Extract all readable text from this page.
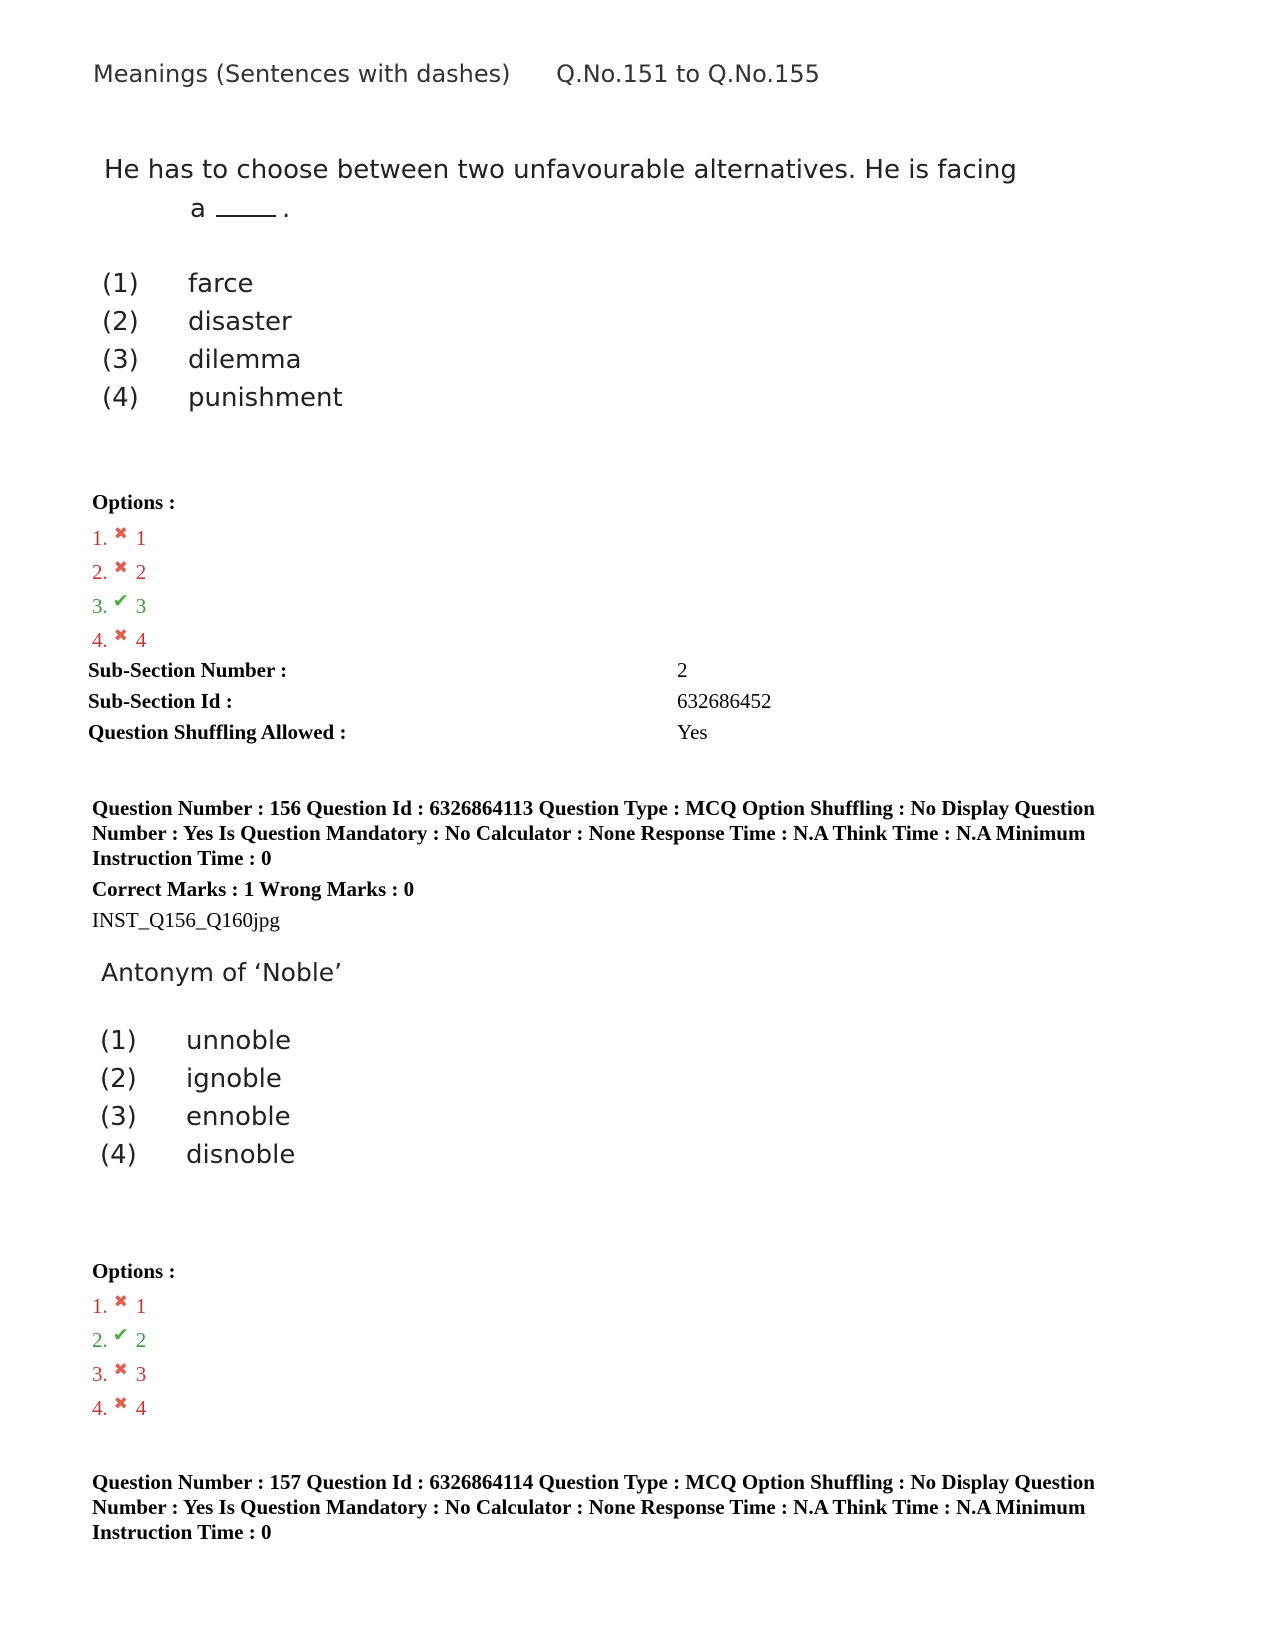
Meanings (Sentences with dashes) Q.No.151 to Q.No.155
He has to choose between two unfavourable alternatives. He is facing
a	.
(1) farce
(2) disaster
(3) dilemma
(4) punishment
Options :
1. ✖ 1
2. ✖ 2
3. ✔ 3
4. ✖ 4
Sub-Section Number :	2
Sub-Section Id :	632686452
Question Shuffling Allowed :	Yes
Question Number : 156 Question Id : 6326864113 Question Type : MCQ Option Shuffling : No Display Question
Number : Yes Is Question Mandatory : No Calculator : None Response Time : N.A Think Time : N.A Minimum
Instruction Time : 0
Correct Marks : 1 Wrong Marks : 0
INST_Q156_Q160jpg
Antonym of ‘Noble’
(1) unnoble
(2) ignoble
(3) ennoble
(4) disnoble
Options :
1. ✖ 1
2. ✔ 2
3. ✖ 3
4. ✖ 4
Question Number : 157 Question Id : 6326864114 Question Type : MCQ Option Shuffling : No Display Question
Number : Yes Is Question Mandatory : No Calculator : None Response Time : N.A Think Time : N.A Minimum
Instruction Time : 0
